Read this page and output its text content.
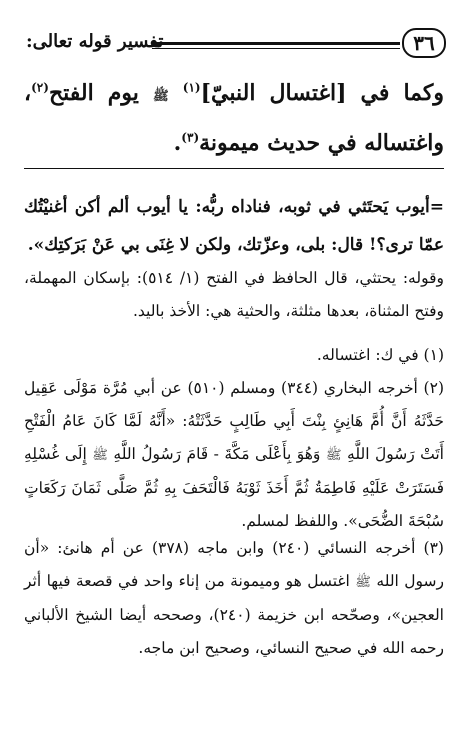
٣٦
تفسير قوله تعالى:
وكما في [اغتسال النبيّ]$^{(١)}$ ﷺ يوم الفتح$^{(٢)}$، واغتساله في حديث ميمونة$^{(٣)}$.
=أيوب يَحتَثي في ثوبه، فناداه ربُّه: يا أيوب ألم أكن أغنيْتُك عمّا ترى؟! قال: بلى، وعزّتك، ولكن لا غِنَى بي عَنْ بَرَكتِك».
وقوله: يحتثي، قال الحافظ في الفتح (١/ ٥١٤): بإسكان المهملة، وفتح المثناة، بعدها مثلثة، والحثية هي: الأخذ باليد.
(١) في ك: اغتساله.
(٢) أخرجه البخاري (٣٤٤) ومسلم (٥١٠) عن أبي مُرَّة مَوْلَى عَقِيل حَدَّثَهُ أَنَّ أُمَّ هَانِئٍ بِنْتَ أَبِي طَالِبٍ حَدَّثَتْهُ: «أَنَّهُ لَمَّا كَانَ عَامُ الْفَتْحِ أَتَتْ رَسُولَ اللَّهِ ﷺ وَهُوَ بِأَعْلَى مَكَّةَ - قَامَ رَسُولُ اللَّهِ ﷺ إِلَى غُسْلِهِ فَسَتَرَتْ عَلَيْهِ فَاطِمَةُ ثُمَّ أَخَذَ ثَوْبَهُ فَالْتَحَفَ بِهِ ثُمَّ صَلَّى ثَمَانَ رَكَعَاتٍ سُبْحَةَ الضُّحَى». واللفظ لمسلم.
(٣) أخرجه النسائي (٢٤٠) وابن ماجه (٣٧٨) عن أم هانئ: «أن رسول الله ﷺ اغتسل هو وميمونة من إناء واحد في قصعة فيها أثر العجين»، وصحّحه ابن خزيمة (٢٤٠)، وصححه أيضا الشيخ الألباني رحمه الله في صحيح النسائي، وصحيح ابن ماجه.
